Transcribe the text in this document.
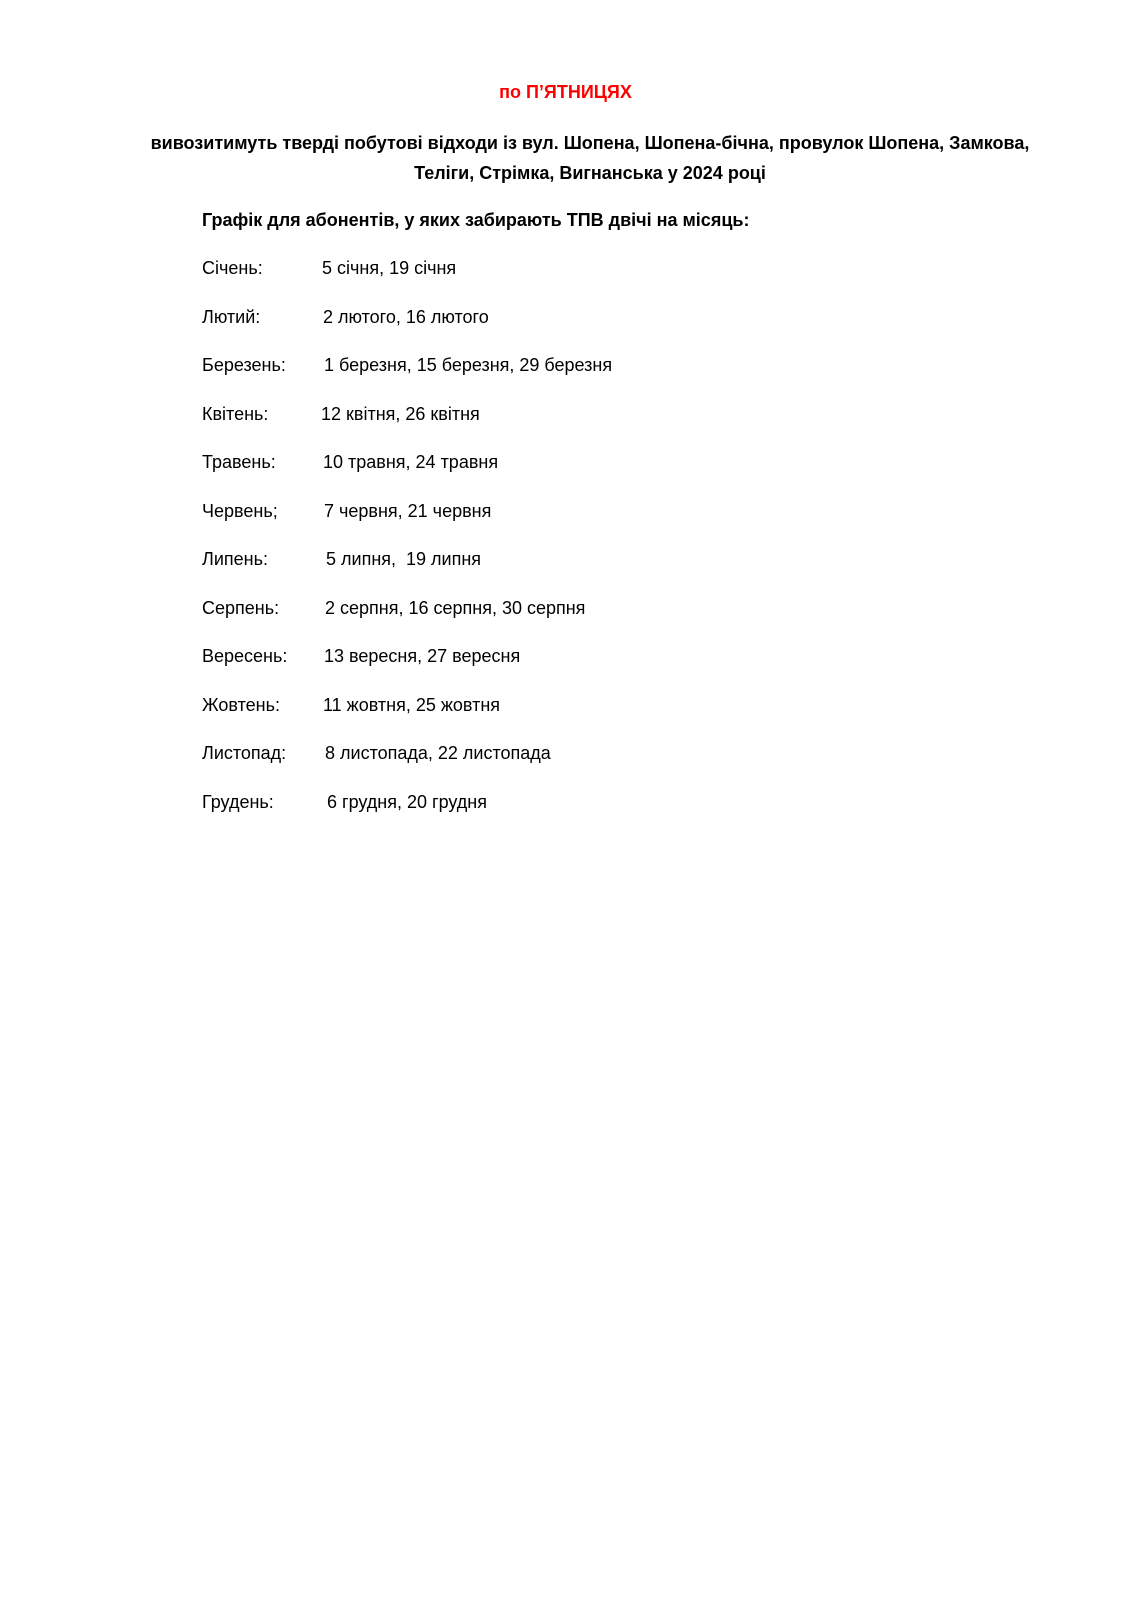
по П’ЯТНИЦЯХ
вивозитимуть тверді побутові відходи із вул. Шопена, Шопена-бічна, провулок Шопена, Замкова,
Теліги, Стрімка, Вигнанська у 2024 році
Графік для абонентів, у яких забирають ТПВ двічі на місяць:
Січень:	5 січня, 19 січня
Лютий:	2 лютого, 16 лютого
Березень: 1 березня, 15 березня, 29 березня
Квітень:	12 квітня, 26 квітня
Травень:	10 травня, 24 травня
Червень;	7 червня, 21 червня
Липень:	5 липня,  19 липня
Серпень:	2 серпня, 16 серпня, 30 серпня
Вересень: 13 вересня, 27 вересня
Жовтень: 11 жовтня, 25 жовтня
Листопад: 8 листопада, 22 листопада
Грудень:	6 грудня, 20 грудня
